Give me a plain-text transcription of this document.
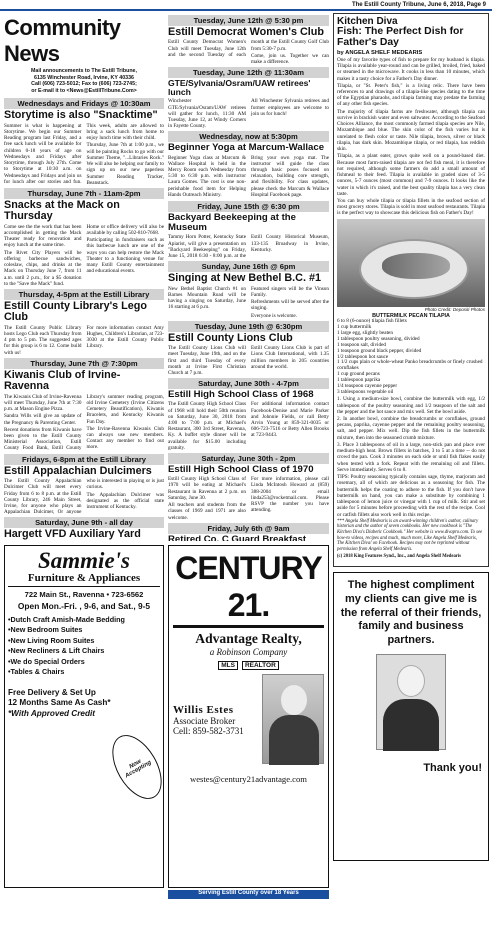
The Estill County Tribune, June 6, 2018, Page 9
Community News
Mail announcements to The Estill Tribune,
6135 Winchester Road, Irvine, KY 40336
Call (606) 723-5012; Fax to (606) 723-2745;
or E-mail it to <News@EstillTribune.Com>
Wednesdays and Fridays @ 10:30am
Storytime is also "Snacktime"

Summer is what is happening at Storytime. We begin our Summer Reading program last Friday, and a free sack lunch will be available for children 0-18 years of age on Wednesdays and Fridays after Storytime, through July 27th. Come to Storytime at 10:30 a.m. on Wednesdays and Fridays and join us for lunch after our stories and fun. This week, adults are allowed to bring a sack lunch from home to enjoy lunch time with their child.

Thursday, June 7th at 1:00 p.m., we will be painting Rocks to go with our Summer Theme, "...Libraries Rock." We will also be helping our family to sign up on our new paperless Summer Reading Tracker, Beanstack.

Thursday, June 7th - 11am-2pm
Snacks at the Mack on Thursday

Come see the the work that has been accomplished in getting the Mack Theater ready for renovation and enjoy lunch at the same time.

The Rivet City Players will be offering barbecue sandwiches, coleslaw, chips, and drinks at the Mack on Thursday June 7, from 11 a.m. until 2 p.m., for a $5 donation to the "Save the Mack" fund.

Home or office delivery will also be available by calling 502-810-7668.

Participating in fundraisers such as this barbecue lunch are one of the ways you can help restore the Mack Theater to a functioning venue for many Estill County entertainment and educational events.

Thursday, 4-5pm at the Estill Library
Estill County Library's Lego Club

The Estill County Public Library hosts Lego Club each Thursday from 4 pm to 5 pm. The suggested ages for this group is 6 to 12. Come build with us!

For more information contact Amy Hughes, Children's Librarian, at 723-3030 at the Estill County Public Library.

Thursday, June 7th @ 7:30pm
Kiwanis Club of Irvine-Ravenna

The Kiwanis Club of Irvine-Ravenna will meet Thursday, June 7th at 7:30 p.m. at Mason Engine Pizza.

Sandra Wills will give an update of the Pregnancy & Parenting Center.

Recent donations from Kiwanis have been given to the Estill County Ministerial Association, Estill County Food Bank, Estill County Library's summer reading program, old Irvine Cemetery (Irvine Citizens Cemetery Beautification), Kiwanis Bracelets, and Kentucky Kiwanis Fun Day.

The Irvine-Ravenna Kiwanis Club can always use new members. Contact any member to find out more.

Fridays, 6-8pm at the Estill Library
Estill Appalachian Dulcimers

The Estill County Appalachian Dulcimer Club will meet every Friday from 6 to 8 p.m. at the Estill County Library, 246 Main Street, Irvine, for anyone who plays an Appalachian Dulcimer, Or anyone who is interested in playing or is just curious.

The Appalachian Dulcimer was designated as the official state instrument of Kentucky.

Saturday, June 9th - all day
Hargett VFD Auxiliary Yard

Tuesday, June 12th @ 5:30 pm
Estill Democrat Women's Club

Estill County Democrat Women's Club will meet Tuesday, June 12th and the second Tuesday of each month at the Estill County Golf Club from 5:30-7 p.m.

Come, join us. Together we can make a difference.

Tuesday, June 12th @ 11:30am
GTE/Sylvania/Osram/UAW retirees' lunch

Winchester GTE/Sylvania/Osram/UAW retirees will gather for lunch, 11:30 AM Tuesday, June 12, at Windy Corners in Fayette County.

All Winchester Sylvania retirees and former employees are welcome to join us for lunch!

Wednesday, now at 5:30pm
Beginner Yoga at Marcum-Wallace

Beginner Yoga class at Marcum & Wallace Hospital is held in the Mercy Room each Wednesday from 5:30 to 6:30 p.m. with instructor Laura Gomes. The cost is one non-perishable food item for Helping Hands Outreach Ministry.

Bring your own yoga mat. The instructor will guide the class through basic poses focused on relaxation, building core strength, and flexibility. For class updates, please check the Marcum & Wallace Hospital Facebook page.

Friday, June 15th @ 6:30 pm
Backyard Beekeeping at the Museum

Tammy Horn Potter, Kentucky State Apiarist, will give a presentation on "Backyard Beekeeping" on Friday, June 15, 2018 6:30 - 8:00 p.m. at the Estill County Historical Museum, 133-135 Broadway in Irvine, Kentucky.

Sunday, June 16th @ 6pm
Singing at New Bethel B.C. #1

New Bethel Baptist Church #1 on Barnes Mountain Road will be having a singing on Saturday, June 16 starting at 6 p.m.

Featured singers will be the Vinson Family.

Refreshments will be served after the singing.

Everyone is welcome.

Tuesday, June 19th @ 6:30pm
Estill County Lions Club

The Estill County Lions Club will meet Tuesday, June 19th, and on the first and third Tuesday of every month at Irvine First Christian Church at 7 p.m.

Estill County Lions Club is part of Lions Club International, with 1.35 million members in 205 countries around the world.

Saturday, June 30th - 4-7pm
Estill High School Class of 1968

The Estill County High School Class of 1968 will hold their 50th reunion on Saturday, June 30, 2018 from 4:00 to 7:00 p.m. at Michael's Restaurant, 300 3rd Street, Ravenna, Ky. A buffet style dinner will be available for $15.00 including gratuity.

For additional information contact Facebook-Denise and Marie Parker and Johnnie Fields, or call Betty Arvin Young at 859-321-0035 or 606-723-7516 or Betty Allen Brooks at 723-9443.

Saturday, June 30th - 2pm
Estill High School Class of 1970

Estill County High School Class of 1970 will be eating at Michael's Restaurant in Ravenna at 2 p.m. on Saturday, June 30.

All teachers and students from the classes of 1969 and 1971 are also welcome.

For more information, please call Linda McIntosh Howard at (859) 388-2004 or email linda253@rocketmail.com. Please RSVP the number you have attending.

Friday, July 6th @ 9am
Retired Co. C Guard Breakfast

Kitchen Diva
Fish: The Perfect Dish for Father's Day
by ANGELA SHELF MEDEARIS

One of my favorite types of fish to prepare for my husband is tilapia. Tilapia is available year-round and can be grilled, broiled, fried, baked or steamed in the microwave. It cooks in less than 10 minutes, which makes it a tasty choice for a Father's Day dinner.

Tilapia, or "St. Peter's fish," is a living relic. There have been references to and drawings of a tilapia-like species dating to the time of the Egyptian pharaohs, and tilapia farming may predate the farming of any other fish species.

The majority of tilapia farms are freshwater, although tilapia can survive in brackish water and even saltwater. According to the Seafood Choices Alliance, the most commonly farmed tilapia species are Nile, Mozambique and blue. The skin color of the fish varies but is unrelated to flesh color or taste. Nile tilapia, brown, silver or black tilapia, has dark skin. Mozambique tilapia, or red tilapia, has reddish skin.

Tilapia, as a plant eater, grows quite well on a pound-based diet. Because most farm-raised tilapia are not fed fish meal, it is therefore not required, although some farmers do add a small amount of fishmeal to their feed. Tilapia is available in graded sizes of 3-5 ounces, 5-7 ounces (most common) and 7-9 ounces. It looks like the water in which it's raised, and the best quality tilapia has a very clean taste.

You can buy whole tilapia or tilapia fillets in the seafood section of most grocery stores. Tilapia is sold in most seafood restaurants. Tilapia is the perfect way to showcase this delicious fish on Father's Day!

Photo Credit: Depositi Photos
BUTTERMILK PECAN TILAPIA
6 to 8 (6-ounce) tilapia fish fillets
1 cup buttermilk
1 large egg, slightly beaten
1 tablespoon poultry seasoning, divided
1 teaspoon salt, divided
1 teaspoon ground black pepper, divided
1/2 tablespoon hot sauce
1 1/2 cups plain or whole-wheat Panko breadcrumbs or finely crushed cornflakes
1 cup ground pecans
1 tablespoon paprika
1/4 teaspoon cayenne pepper
3 tablespoons vegetable oil

1. Using a medium-size bowl, combine the buttermilk with egg, 1/2 tablespoon of the poultry seasoning and 1/2 teaspoon of the salt and the pepper and the hot sauce and mix well. Set the bowl aside.

2. In another bowl, combine the breadcrumbs or cornflakes, ground pecans, paprika, cayenne pepper and the remaining poultry seasoning, salt, and pepper. Mix well. Dip the fish fillets in the buttermilk mixture, then into the seasoned crumb mixture.

3. Place 3 tablespoons of oil in a large, non-stick pan and place over medium-high heat. Brown fillets in batches, 3 to 5 at a time -- do not crowd the pan. Cook 3 minutes on each side or until fish flakes easily when tested with a fork. Repeat with the remaining oil and fillets. Serve immediately. Serves 6 to 8.

TIPS: Poultry seasoning typically contains sage, thyme, marjoram and rosemary, all of which are delicious as a seasoning for fish. The buttermilk helps the coating to adhere to the fish. If you don't have buttermilk on hand, you can make a substitute by combining 1 tablespoon of lemon juice or vinegar with 1 cup of milk. Stir and set aside for 5 minutes before proceeding with the rest of the recipe. Cool or catfish fillets also work well in this recipe.

*** Angela Shelf Medearis is an award-winning children's author, culinary historian and the author of seven cookbooks. Her new cookbook is "The Kitchen Diva's Diabetic Cookbook." Her website is www.divapro.com. To see how-to videos, recipes and much, much more, Like Angela Shelf Medearis, The Kitchen Diva! on Facebook. Recipes may not be reprinted without permission from Angela Shelf Medearis.
(c) 2018 King Features Synd., Inc., and Angela Shelf Medearis
Sammie's
Furniture & Appliances
722 Main St., Ravenna • 723-6562
Open Mon.-Fri. , 9-6, and Sat., 9-5
• Dutch Craft Amish-Made Bedding
• New Bedroom Suites
• New Living Room Suites
• New Recliners & Lift Chairs
• We do Special Orders
• Tables & Chairs
Now Accepting
Free Delivery & Set Up
12 Months Same As Cash*
*With Approved Credit
CENTURY 21.
Advantage Realty,
a Robinson Company
MLS	REALTOR
Willis Estes
Associate Broker
Cell: 859-582-3731
westes@century21advantage.com
The highest compliment my clients can give me is the referral of their friends, family and business partners.
Thank you!
Serving Estill County over 18 Years
